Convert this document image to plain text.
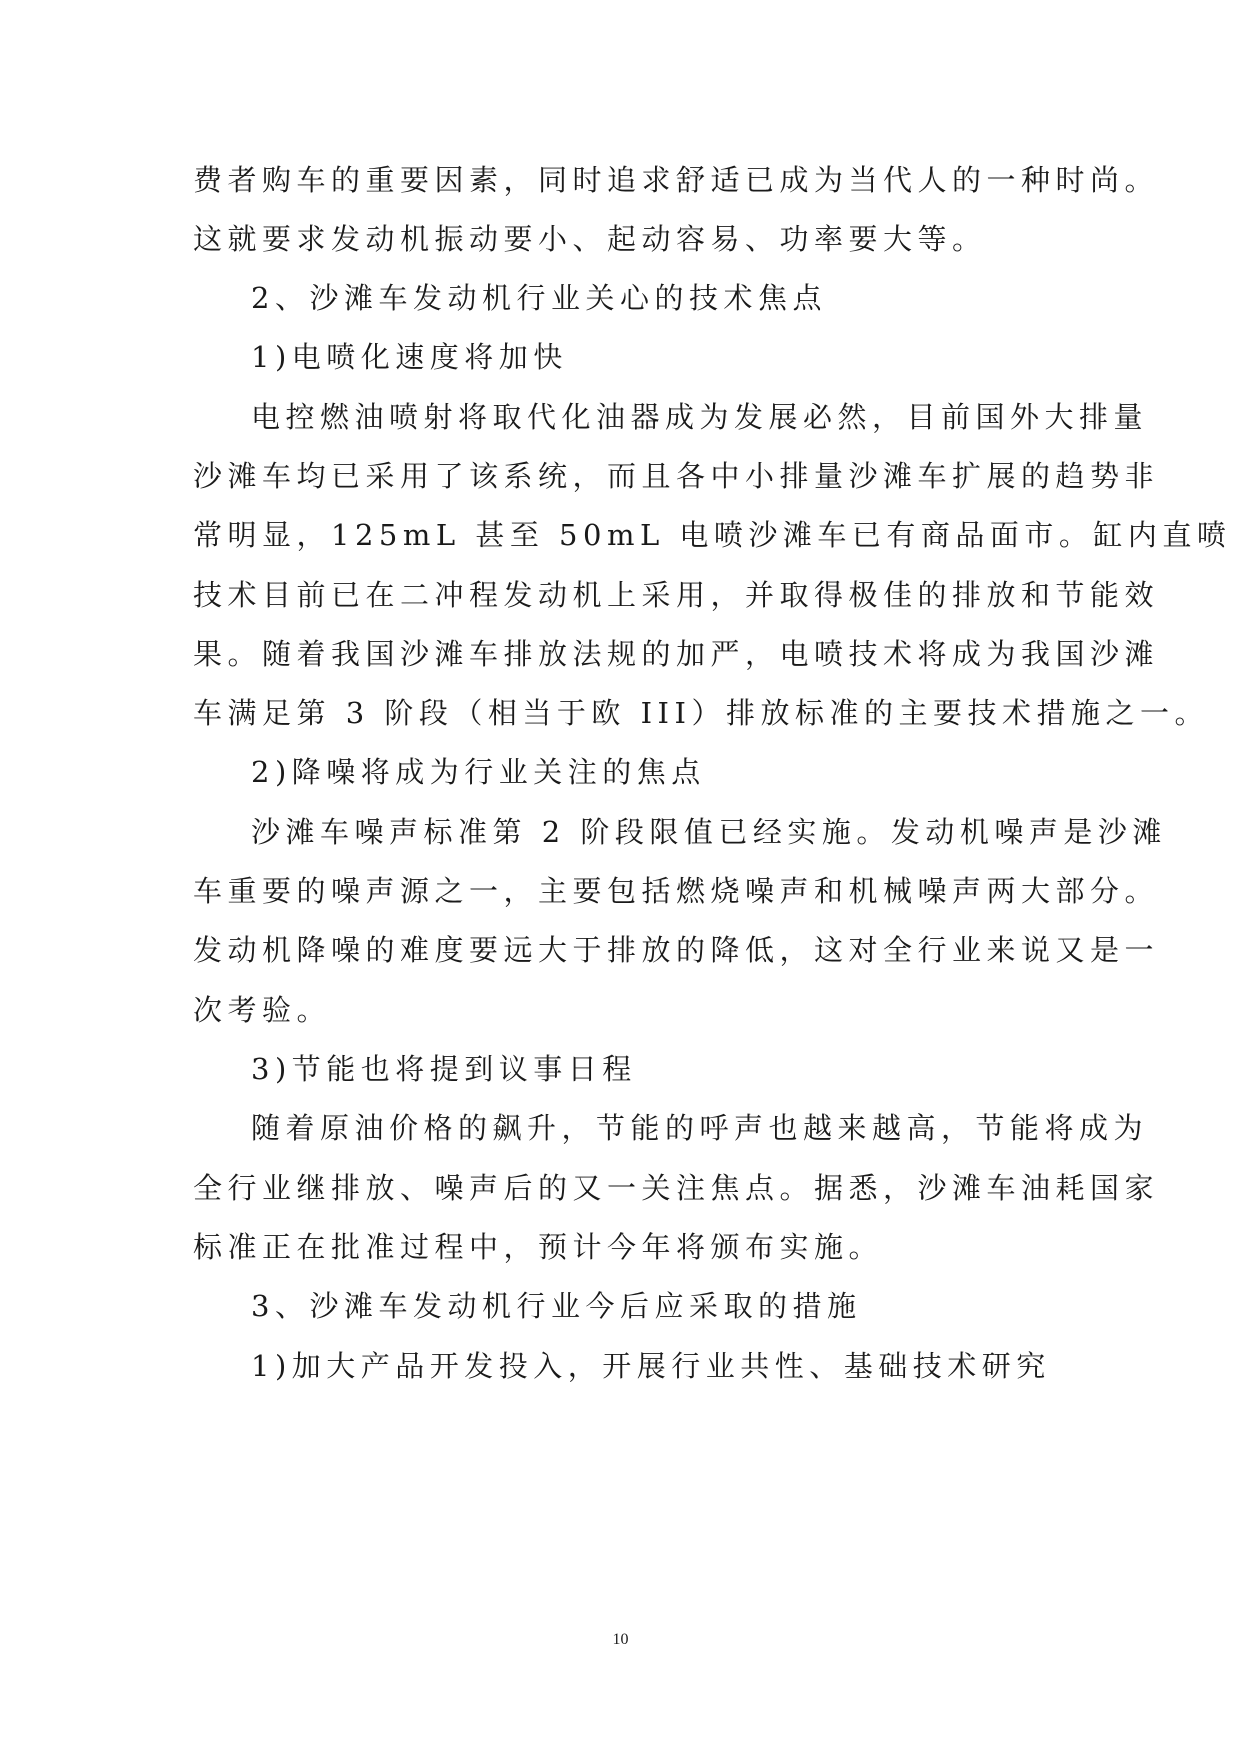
费者购车的重要因素，同时追求舒适已成为当代人的一种时尚。
这就要求发动机振动要小、起动容易、功率要大等。
2、沙滩车发动机行业关心的技术焦点
1)电喷化速度将加快
电控燃油喷射将取代化油器成为发展必然，目前国外大排量
沙滩车均已采用了该系统，而且各中小排量沙滩车扩展的趋势非
常明显，125mL 甚至 50mL 电喷沙滩车已有商品面市。缸内直喷
技术目前已在二冲程发动机上采用，并取得极佳的排放和节能效
果。随着我国沙滩车排放法规的加严，电喷技术将成为我国沙滩
车满足第 3 阶段（相当于欧 III）排放标准的主要技术措施之一。
2)降噪将成为行业关注的焦点
沙滩车噪声标准第 2 阶段限值已经实施。发动机噪声是沙滩
车重要的噪声源之一，主要包括燃烧噪声和机械噪声两大部分。
发动机降噪的难度要远大于排放的降低，这对全行业来说又是一
次考验。
3)节能也将提到议事日程
随着原油价格的飙升，节能的呼声也越来越高，节能将成为
全行业继排放、噪声后的又一关注焦点。据悉，沙滩车油耗国家
标准正在批准过程中，预计今年将颁布实施。
3、沙滩车发动机行业今后应采取的措施
1)加大产品开发投入，开展行业共性、基础技术研究
10
